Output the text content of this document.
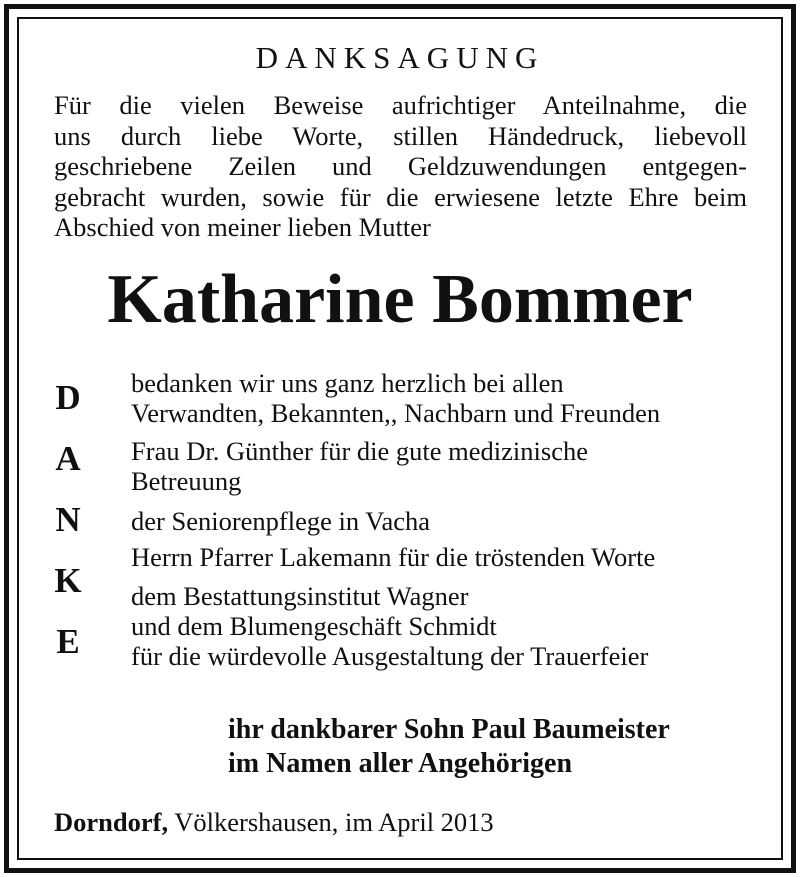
DANKSAGUNG
Für die vielen Beweise aufrichtiger Anteilnahme, die
uns durch liebe Worte, stillen Händedruck, liebevoll
geschriebene Zeilen und Geldzuwendungen entgegen-
gebracht wurden, sowie für die erwiesene letzte Ehre beim
Abschied von meiner lieben Mutter
Katharine Bommer
D
A
N
K
E
bedanken wir uns ganz herzlich bei allen
Verwandten, Bekannten,, Nachbarn und Freunden
Frau Dr. Günther für die gute medizinische
Betreuung
der Seniorenpflege in Vacha
Herrn Pfarrer Lakemann für die tröstenden Worte
dem Bestattungsinstitut Wagner
und dem Blumengeschäft Schmidt
für die würdevolle Ausgestaltung der Trauerfeier
ihr dankbarer Sohn Paul Baumeister
im Namen aller Angehörigen
Dorndorf, Völkershausen, im April 2013
